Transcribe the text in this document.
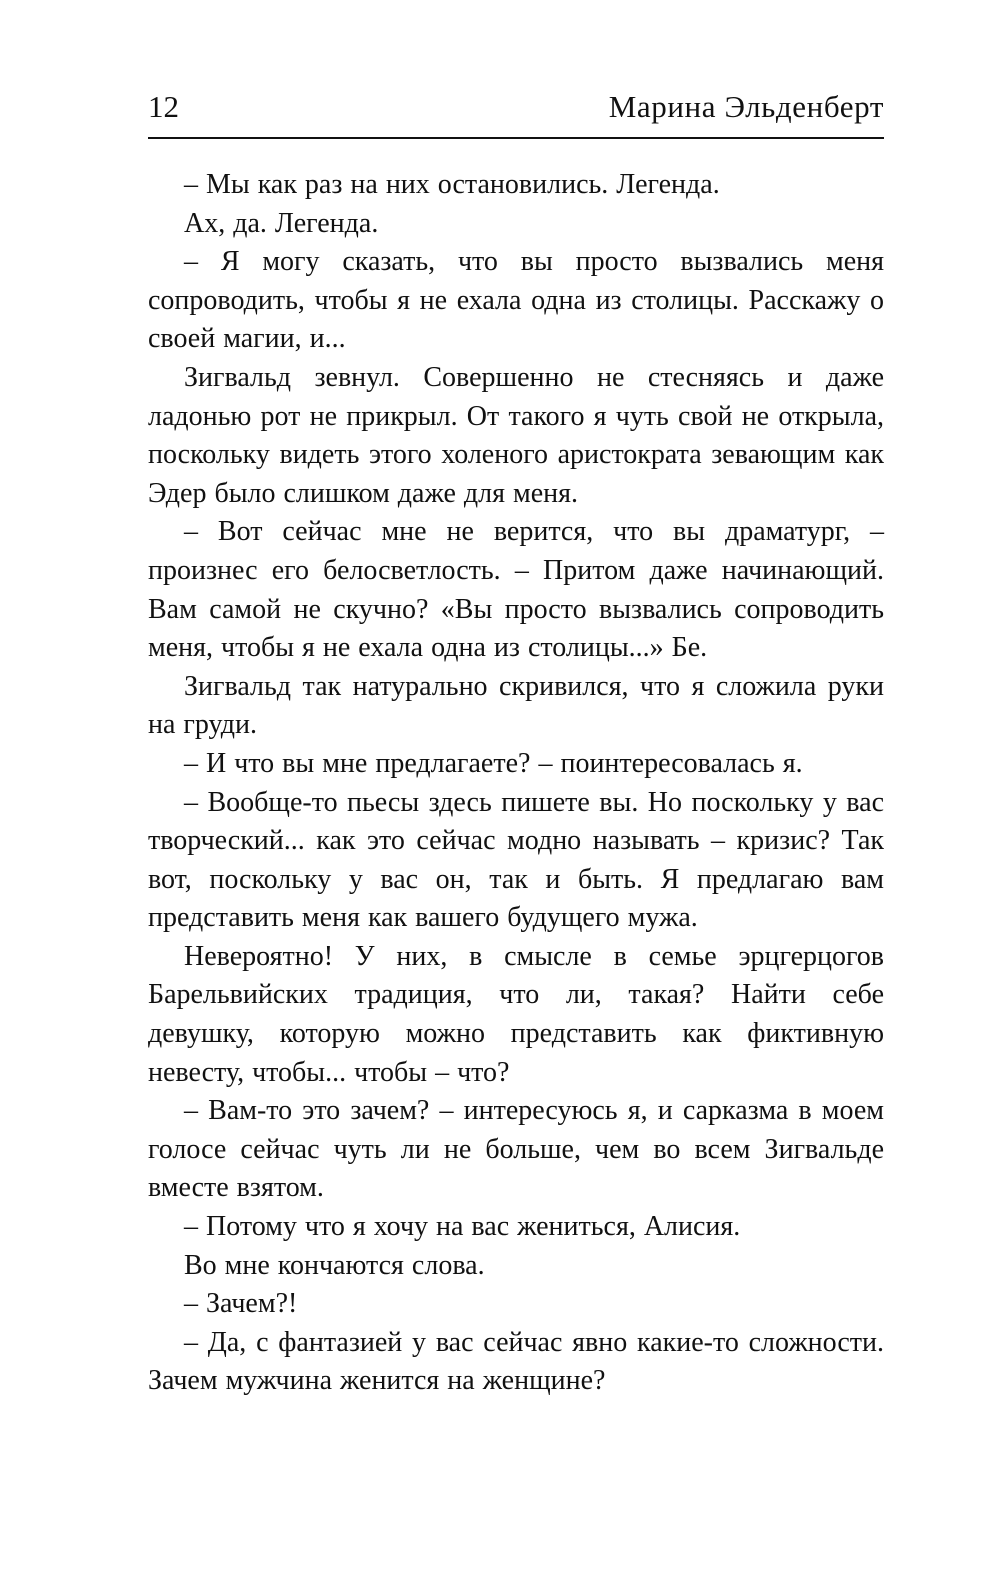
12	Марина Эльденберт

– Мы как раз на них остановились. Легенда.

Ах, да. Легенда.

– Я могу сказать, что вы просто вызвались меня сопроводить, чтобы я не ехала одна из столицы. Расскажу о своей магии, и...

Зигвальд зевнул. Совершенно не стесняясь и даже ладонью рот не прикрыл. От такого я чуть свой не открыла, поскольку видеть этого холеного аристократа зевающим как Эдер было слишком даже для меня.

– Вот сейчас мне не верится, что вы драматург, – произнес его белосветлость. – Притом даже начинающий. Вам самой не скучно? «Вы просто вызвались сопроводить меня, чтобы я не ехала одна из столицы...» Бе.

Зигвальд так натурально скривился, что я сложила руки на груди.

– И что вы мне предлагаете? – поинтересовалась я.

– Вообще-то пьесы здесь пишете вы. Но поскольку у вас творческий... как это сейчас модно называть – кризис? Так вот, поскольку у вас он, так и быть. Я предлагаю вам представить меня как вашего будущего мужа.

Невероятно! У них, в смысле в семье эрцгерцогов Барельвийских традиция, что ли, такая? Найти себе девушку, которую можно представить как фиктивную невесту, чтобы... чтобы – что?

– Вам-то это зачем? – интересуюсь я, и сарказма в моем голосе сейчас чуть ли не больше, чем во всем Зигвальде вместе взятом.

– Потому что я хочу на вас жениться, Алисия.

Во мне кончаются слова.

– Зачем?!

– Да, с фантазией у вас сейчас явно какие-то сложности. Зачем мужчина женится на женщине?
